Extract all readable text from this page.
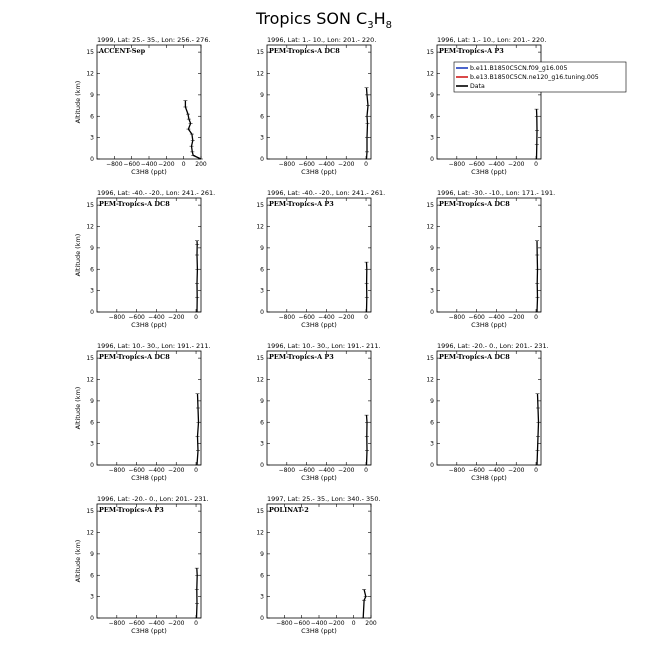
Tropics SON $C_3H_8$
1999, Lat: 25.- 35., Lon: 256.- 276.
ACCENT-Sep
−800 −600 −400 −200 0 200
0
3
6
9
12
15
C3H8 (ppt)
Altitude (km)
1996, Lat: 1.- 10., Lon: 201.- 220.
PEM-Tropics-A DC8
−800 −600 −400 −200 0
0
3
6
9
12
15
C3H8 (ppt)
1996, Lat: 1.- 10., Lon: 201.- 220.
PEM-Tropics-A P3
−800 −600 −400 −200 0
0
3
6
9
12
15
C3H8 (ppt)
1996, Lat: -40.- -20., Lon: 241.- 261.
PEM-Tropics-A DC8
−800 −600 −400 −200 0
0
3
6
9
12
15
C3H8 (ppt)
Altitude (km)
1996, Lat: -40.- -20., Lon: 241.- 261.
PEM-Tropics-A P3
−800 −600 −400 −200 0
0
3
6
9
12
15
C3H8 (ppt)
1996, Lat: -30.- -10., Lon: 171.- 191.
PEM-Tropics-A DC8
−800 −600 −400 −200 0
0
3
6
9
12
15
C3H8 (ppt)
1996, Lat: 10.- 30., Lon: 191.- 211.
PEM-Tropics-A DC8
−800 −600 −400 −200 0
0
3
6
9
12
15
C3H8 (ppt)
Altitude (km)
1996, Lat: 10.- 30., Lon: 191.- 211.
PEM-Tropics-A P3
−800 −600 −400 −200 0
0
3
6
9
12
15
C3H8 (ppt)
1996, Lat: -20.- 0., Lon: 201.- 231.
PEM-Tropics-A DC8
−800 −600 −400 −200 0
0
3
6
9
12
15
C3H8 (ppt)
1996, Lat: -20.- 0., Lon: 201.- 231.
PEM-Tropics-A P3
−800 −600 −400 −200 0
0
3
6
9
12
15
C3H8 (ppt)
Altitude (km)
1997, Lat: 25.- 35., Lon: 340.- 350.
POLINAT-2
−800 −600 −400 −200 0 200
0
3
6
9
12
15
C3H8 (ppt)
b.e11.B1850C5CN.f09_g16.005
b.e13.B1850C5CN.ne120_g16.tuning.005
Data
